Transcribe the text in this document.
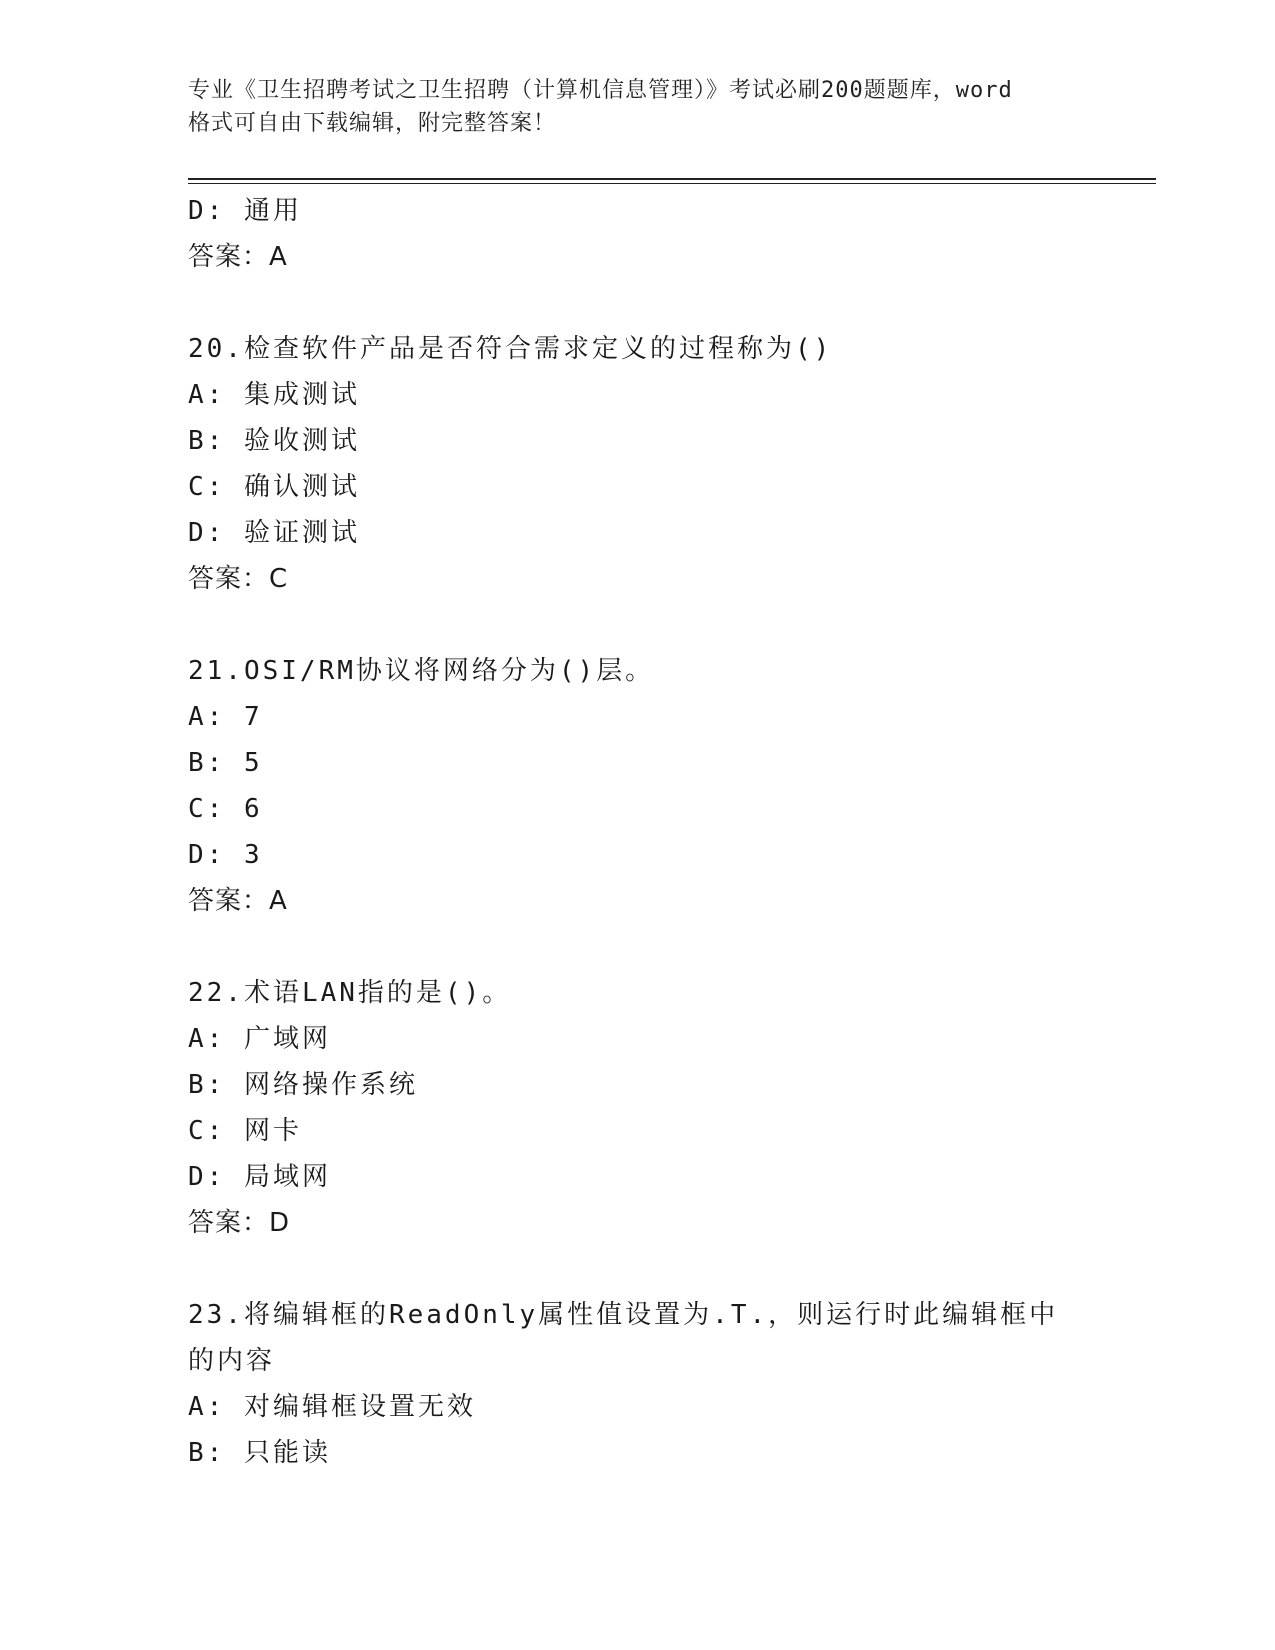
专业《卫生招聘考试之卫生招聘（计算机信息管理）》考试必刷200题题库，word
格式可自由下载编辑，附完整答案！
D: 通用
答案：A
20.检查软件产品是否符合需求定义的过程称为()
A: 集成测试
B: 验收测试
C: 确认测试
D: 验证测试
答案：C
21.OSI/RM协议将网络分为()层。
A: 7
B: 5
C: 6
D: 3
答案：A
22.术语LAN指的是()。
A: 广域网
B: 网络操作系统
C: 网卡
D: 局域网
答案：D
23.将编辑框的ReadOnly属性值设置为.T.，则运行时此编辑框中的内容
A: 对编辑框设置无效
B: 只能读
